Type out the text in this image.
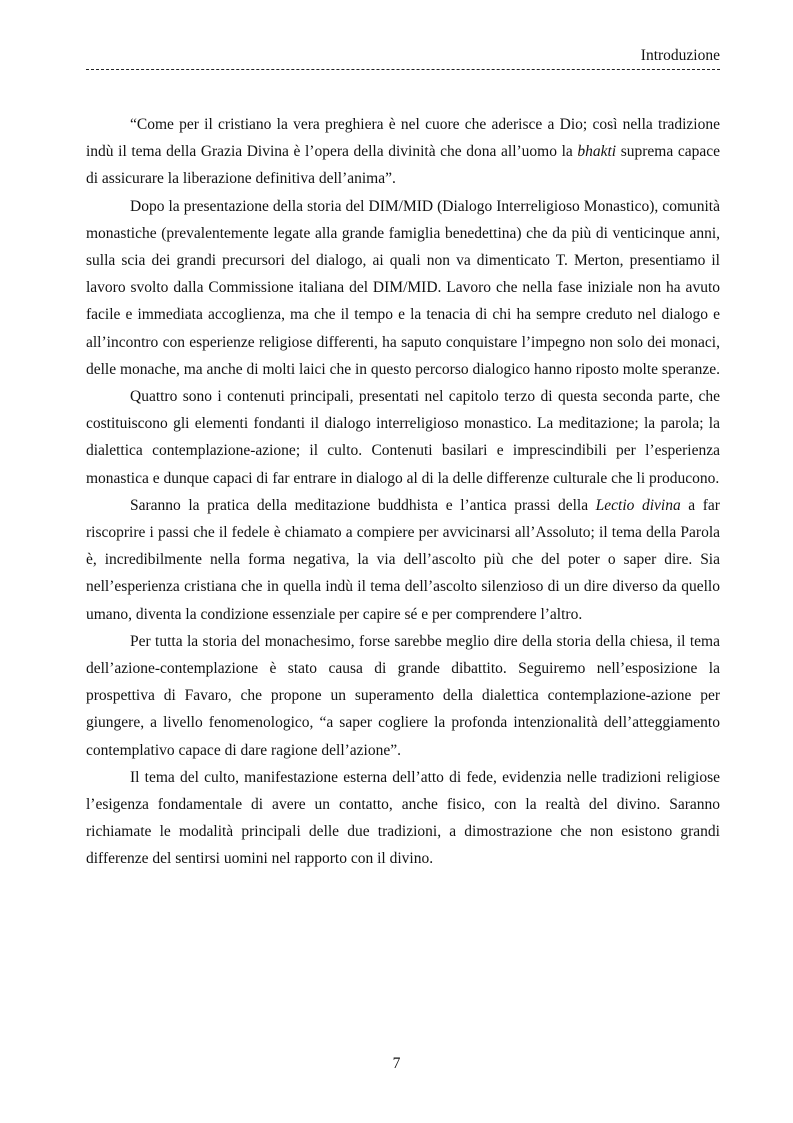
Introduzione

“Come per il cristiano la vera preghiera è nel cuore che aderisce a Dio; così nella tradizione indù il tema della Grazia Divina è l’opera della divinità che dona all’uomo la bhakti suprema capace di assicurare la liberazione definitiva dell’anima”.

Dopo la presentazione della storia del DIM/MID (Dialogo Interreligioso Monastico), comunità monastiche (prevalentemente legate alla grande famiglia benedettina) che da più di venticinque anni, sulla scia dei grandi precursori del dialogo, ai quali non va dimenticato T. Merton, presentiamo il lavoro svolto dalla Commissione italiana del DIM/MID. Lavoro che nella fase iniziale non ha avuto facile e immediata accoglienza, ma che il tempo e la tenacia di chi ha sempre creduto nel dialogo e all’incontro con esperienze religiose differenti, ha saputo conquistare l’impegno non solo dei monaci, delle monache, ma anche di molti laici che in questo percorso dialogico hanno riposto molte speranze.

Quattro sono i contenuti principali, presentati nel capitolo terzo di questa seconda parte, che costituiscono gli elementi fondanti il dialogo interreligioso monastico. La meditazione; la parola; la dialettica contemplazione-azione; il culto. Contenuti basilari e imprescindibili per l’esperienza monastica e dunque capaci di far entrare in dialogo al di la delle differenze culturale che li producono.

Saranno la pratica della meditazione buddhista e l’antica prassi della Lectio divina a far riscoprire i passi che il fedele è chiamato a compiere per avvicinarsi all’Assoluto; il tema della Parola è, incredibilmente nella forma negativa, la via dell’ascolto più che del poter o saper dire. Sia nell’esperienza cristiana che in quella indù il tema dell’ascolto silenzioso di un dire diverso da quello umano, diventa la condizione essenziale per capire sé e per comprendere l’altro.

Per tutta la storia del monachesimo, forse sarebbe meglio dire della storia della chiesa, il tema dell’azione-contemplazione è stato causa di grande dibattito. Seguiremo nell’esposizione la prospettiva di Favaro, che propone un superamento della dialettica contemplazione-azione per giungere, a livello fenomenologico, “a saper cogliere la profonda intenzionalità dell’atteggiamento contemplativo capace di dare ragione dell’azione”.

Il tema del culto, manifestazione esterna dell’atto di fede, evidenzia nelle tradizioni religiose l’esigenza fondamentale di avere un contatto, anche fisico, con la realtà del divino. Saranno richiamate le modalità principali delle due tradizioni, a dimostrazione che non esistono grandi differenze del sentirsi uomini nel rapporto con il divino.

7
